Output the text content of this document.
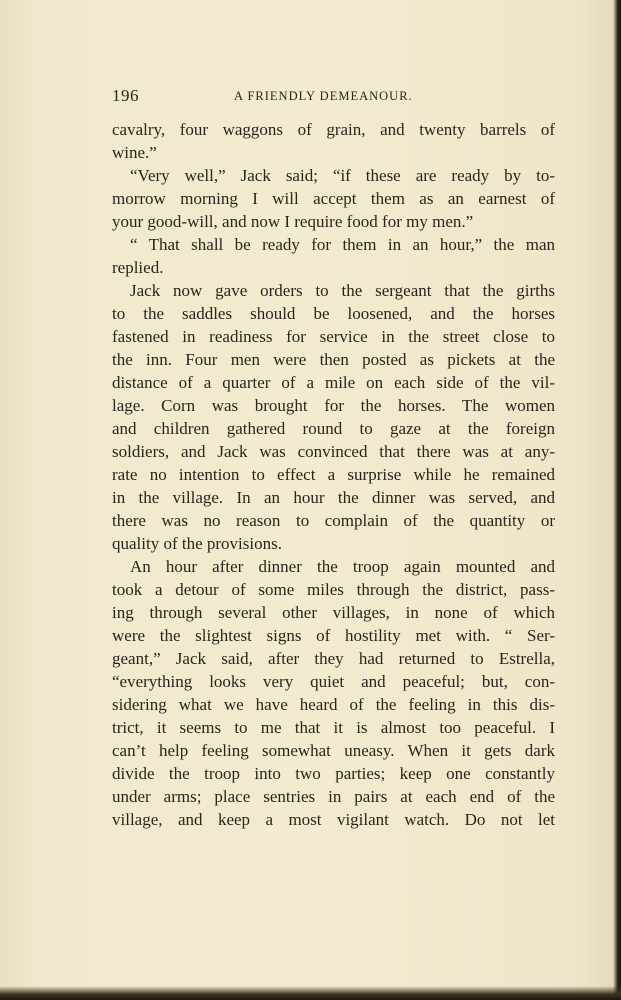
196	A FRIENDLY DEMEANOUR.
cavalry, four waggons of grain, and twenty barrels of
wine.”
“Very well,” Jack said; “if these are ready by to-
morrow morning I will accept them as an earnest of
your good-will, and now I require food for my men.”
“ That shall be ready for them in an hour,” the man
replied.
Jack now gave orders to the sergeant that the girths
to the saddles should be loosened, and the horses
fastened in readiness for service in the street close to
the inn. Four men were then posted as pickets at the
distance of a quarter of a mile on each side of the vil-
lage. Corn was brought for the horses. The women
and children gathered round to gaze at the foreign
soldiers, and Jack was convinced that there was at any-
rate no intention to effect a surprise while he remained
in the village. In an hour the dinner was served, and
there was no reason to complain of the quantity or
quality of the provisions.
An hour after dinner the troop again mounted and
took a detour of some miles through the district, pass-
ing through several other villages, in none of which
were the slightest signs of hostility met with. “ Ser-
geant,” Jack said, after they had returned to Estrella,
“everything looks very quiet and peaceful; but, con-
sidering what we have heard of the feeling in this dis-
trict, it seems to me that it is almost too peaceful. I
can’t help feeling somewhat uneasy. When it gets dark
divide the troop into two parties; keep one constantly
under arms; place sentries in pairs at each end of the
village, and keep a most vigilant watch. Do not let
